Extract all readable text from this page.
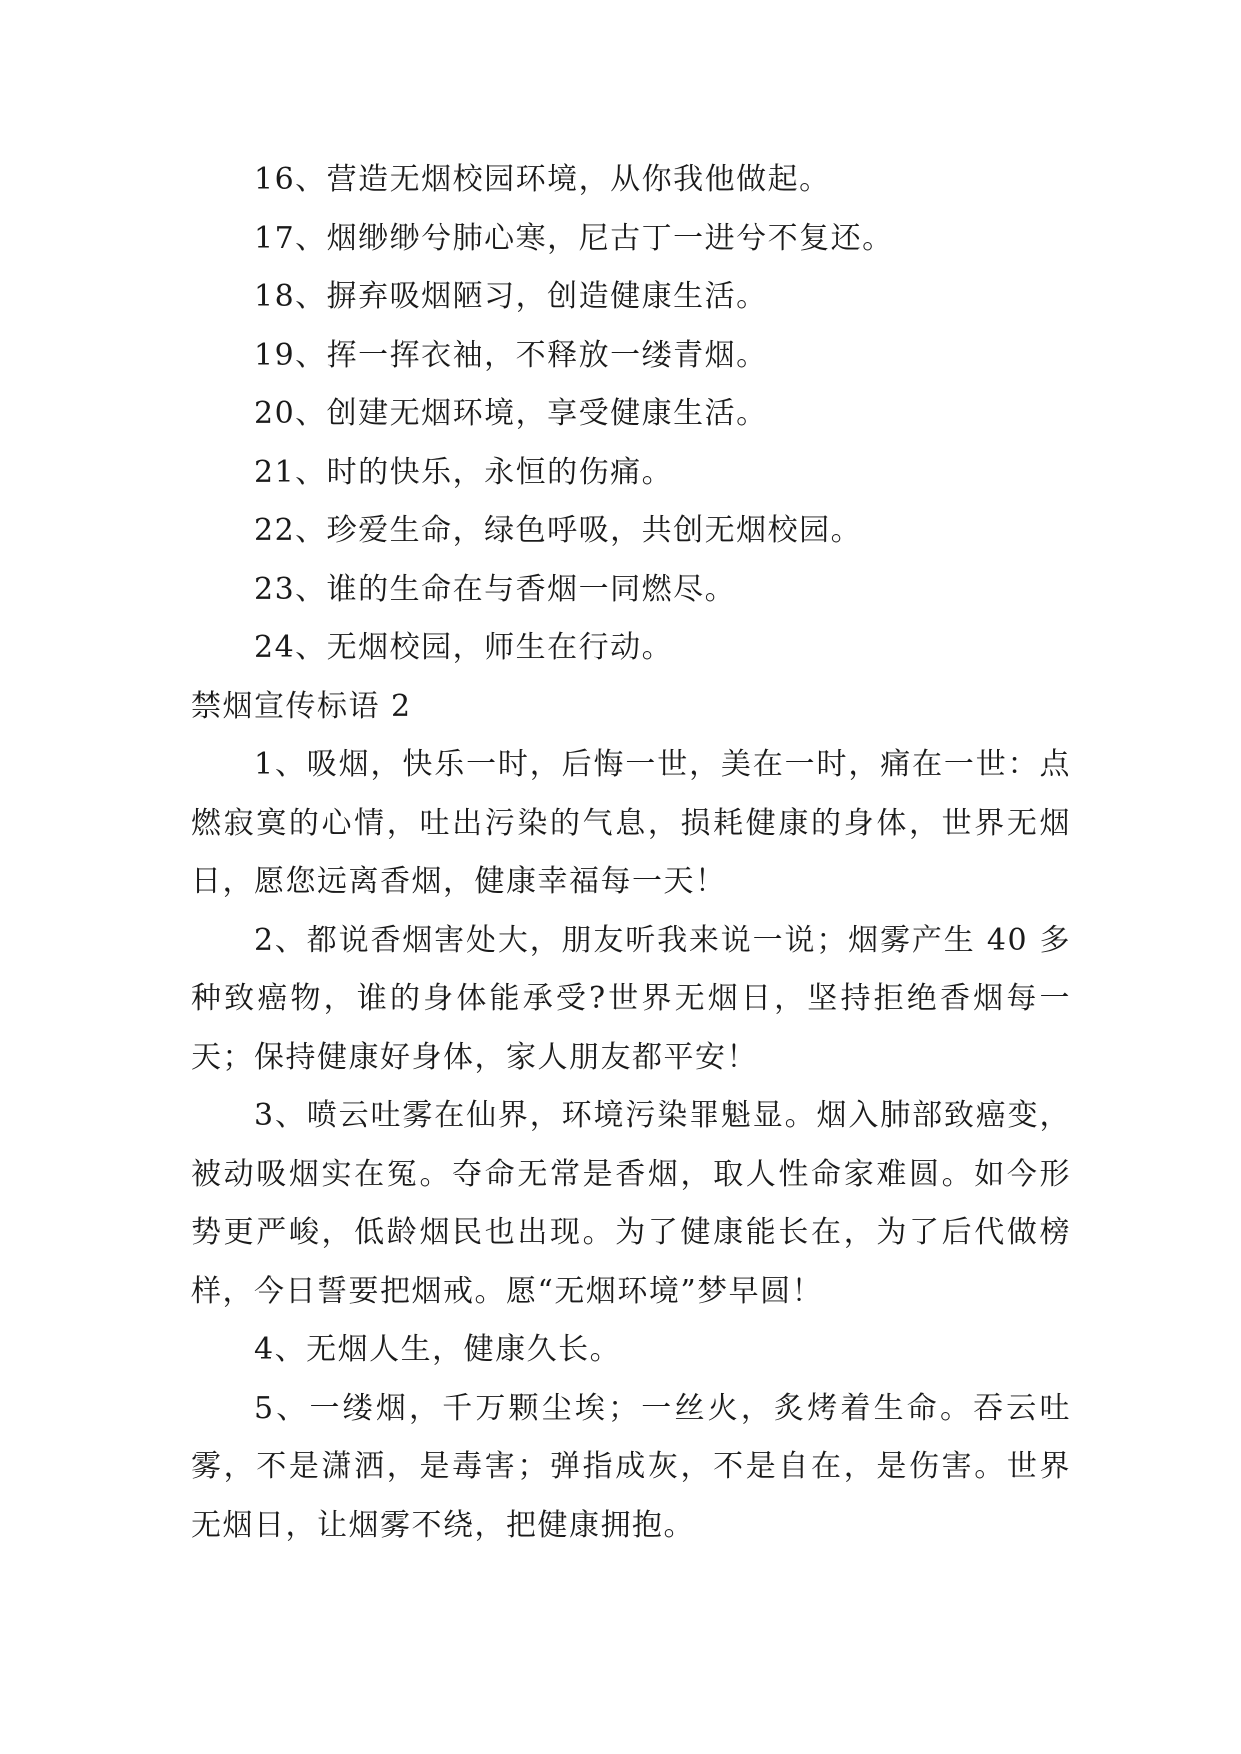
16、营造无烟校园环境，从你我他做起。
17、烟缈缈兮肺心寒，尼古丁一进兮不复还。
18、摒弃吸烟陋习，创造健康生活。
19、挥一挥衣袖，不释放一缕青烟。
20、创建无烟环境，享受健康生活。
21、时的快乐，永恒的伤痛。
22、珍爱生命，绿色呼吸，共创无烟校园。
23、谁的生命在与香烟一同燃尽。
24、无烟校园，师生在行动。
禁烟宣传标语 2
1、吸烟，快乐一时，后悔一世，美在一时，痛在一世：点燃寂寞的心情，吐出污染的气息，损耗健康的身体，世界无烟日，愿您远离香烟，健康幸福每一天！
2、都说香烟害处大，朋友听我来说一说；烟雾产生 40 多种致癌物，谁的身体能承受?世界无烟日，坚持拒绝香烟每一天；保持健康好身体，家人朋友都平安！
3、喷云吐雾在仙界，环境污染罪魁显。烟入肺部致癌变，被动吸烟实在冤。夺命无常是香烟，取人性命家难圆。如今形势更严峻，低龄烟民也出现。为了健康能长在，为了后代做榜样，今日誓要把烟戒。愿“无烟环境”梦早圆！
4、无烟人生，健康久长。
5、一缕烟，千万颗尘埃；一丝火，炙烤着生命。吞云吐雾，不是潇洒，是毒害；弹指成灰，不是自在，是伤害。世界无烟日，让烟雾不绕，把健康拥抱。
